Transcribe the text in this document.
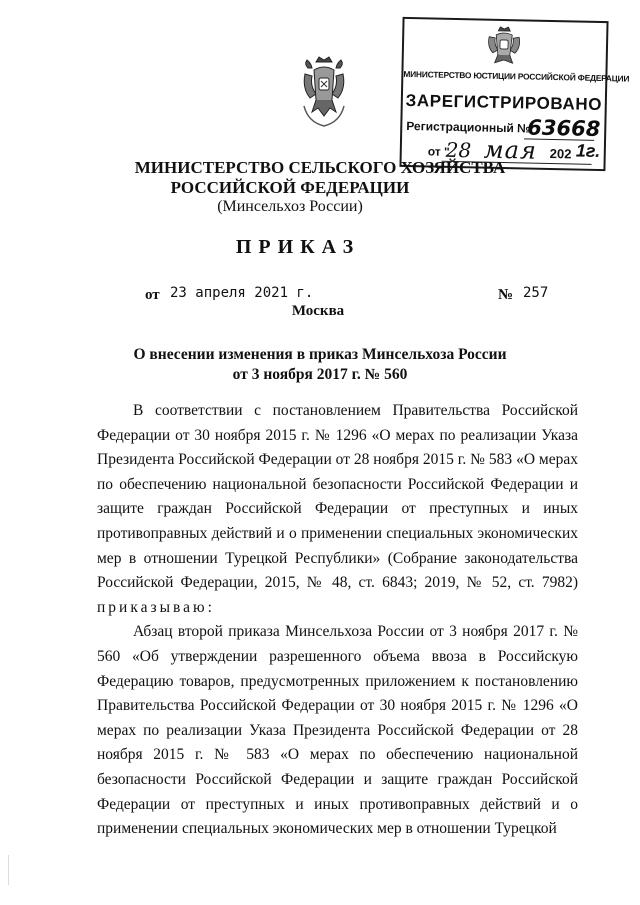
МИНИСТЕРСТВО ЮСТИЦИИ РОССИЙСКОЙ ФЕДЕРАЦИИ
ЗАРЕГИСТРИРОВАНО
Регистрационный №
63668
от "
28 мая 202 1г.
МИНИСТЕРСТВО СЕЛЬСКОГО ХОЗЯЙСТВА
РОССИЙСКОЙ ФЕДЕРАЦИИ
(Минсельхоз России)
ПРИКАЗ
от 23 апреля 2021 г.	№ 257
Москва
О внесении изменения в приказ Минсельхоза России
от 3 ноября 2017 г. № 560

В соответствии с постановлением Правительства Российской Федерации от 30 ноября 2015 г. № 1296 «О мерах по реализации Указа Президента Российской Федерации от 28 ноября 2015 г. № 583 «О мерах по обеспечению национальной безопасности Российской Федерации и защите граждан Российской Федерации от преступных и иных противоправных действий и о применении специальных экономических мер в отношении Турецкой Республики» (Собрание законодательства Российской Федерации, 2015, № 48, ст. 6843; 2019, № 52, ст. 7982) приказываю:

Абзац второй приказа Минсельхоза России от 3 ноября 2017 г. № 560 «Об утверждении разрешенного объема ввоза в Российскую Федерацию товаров, предусмотренных приложением к постановлению Правительства Российской Федерации от 30 ноября 2015 г. № 1296 «О мерах по реализации Указа Президента Российской Федерации от 28 ноября 2015 г. № 583 «О мерах по обеспечению национальной безопасности Российской Федерации и защите граждан Российской Федерации от преступных и иных противоправных действий и о применении специальных экономических мер в отношении Турецкой
